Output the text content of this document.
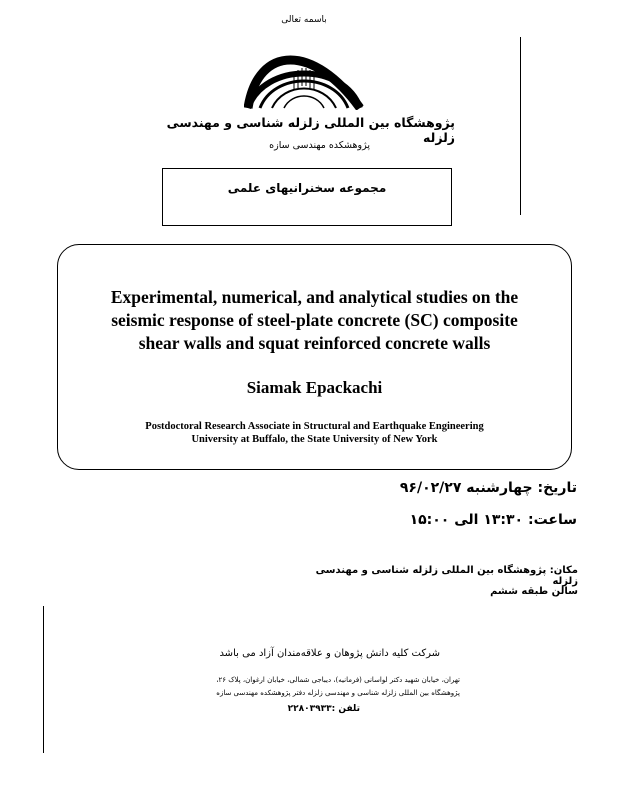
باسمه تعالی
پژوهشگاه بین المللی زلزله شناسی و مهندسی زلزله
پژوهشکده مهندسی سازه
مجموعه سخنرانیهای علمی
Experimental, numerical, and analytical studies on the
seismic response of steel-plate concrete (SC) composite
shear walls and squat reinforced concrete walls
Siamak Epackachi
Postdoctoral Research Associate in Structural and Earthquake Engineering
University at Buffalo, the State University of New York
تاریخ: چهارشنبه ۹۶/۰۲/۲۷
ساعت: ۱۳:۳۰ الی ۱۵:۰۰
مکان: پژوهشگاه بین المللی زلزله شناسی و مهندسی زلزله
سالن طبقه ششم
شرکت کلیه دانش پژوهان و علاقه‌مندان آزاد می باشد
تهران، خیابان شهید دکتر لواسانی (فرمانیه)، دیباجی شمالی، خیابان ارغوان، پلاک ۲۶،
پژوهشگاه بین المللی زلزله شناسی و مهندسی زلزله دفتر پژوهشکده مهندسی سازه
تلفن :۲۲۸۰۳۹۳۳
